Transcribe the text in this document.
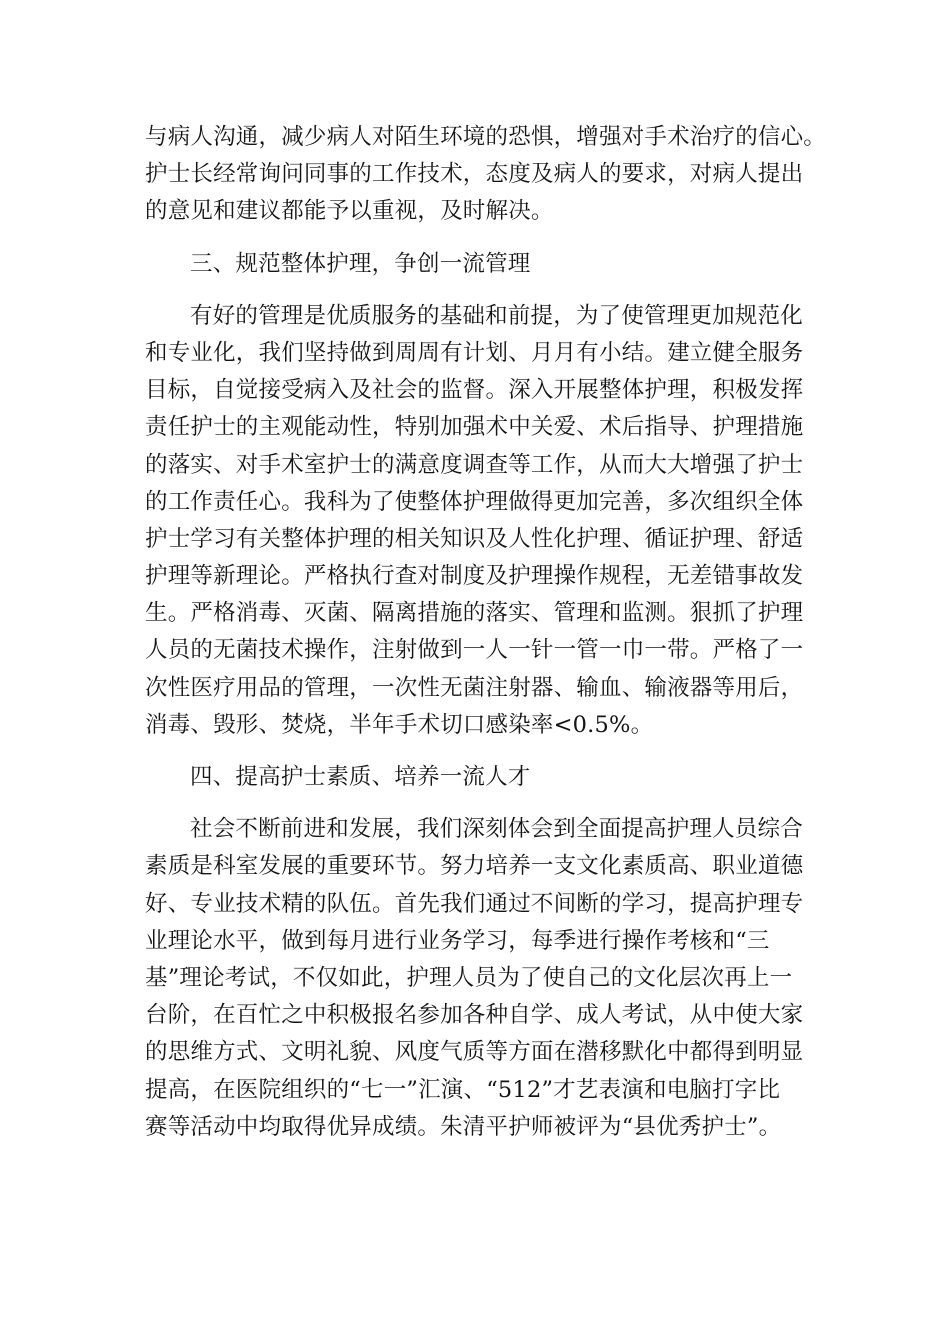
与病人沟通，减少病人对陌生环境的恐惧，增强对手术治疗的信心。
护士长经常询问同事的工作技术，态度及病人的要求，对病人提出
的意见和建议都能予以重视，及时解决。

三、规范整体护理，争创一流管理

有好的管理是优质服务的基础和前提，为了使管理更加规范化
和专业化，我们坚持做到周周有计划、月月有小结。建立健全服务
目标，自觉接受病入及社会的监督。深入开展整体护理，积极发挥
责任护士的主观能动性，特别加强术中关爱、术后指导、护理措施
的落实、对手术室护士的满意度调查等工作，从而大大增强了护士
的工作责任心。我科为了使整体护理做得更加完善，多次组织全体
护士学习有关整体护理的相关知识及人性化护理、循证护理、舒适
护理等新理论。严格执行查对制度及护理操作规程，无差错事故发
生。严格消毒、灭菌、隔离措施的落实、管理和监测。狠抓了护理
人员的无菌技术操作，注射做到一人一针一管一巾一带。严格了一
次性医疗用品的管理，一次性无菌注射器、输血、输液器等用后，
消毒、毁形、焚烧，半年手术切口感染率<0.5%。

四、提高护士素质、培养一流人才

社会不断前进和发展，我们深刻体会到全面提高护理人员综合
素质是科室发展的重要环节。努力培养一支文化素质高、职业道德
好、专业技术精的队伍。首先我们通过不间断的学习，提高护理专
业理论水平，做到每月进行业务学习，每季进行操作考核和“三
基”理论考试，不仅如此，护理人员为了使自己的文化层次再上一
台阶，在百忙之中积极报名参加各种自学、成人考试，从中使大家
的思维方式、文明礼貌、风度气质等方面在潜移默化中都得到明显
提高，在医院组织的“七一”汇演、“512”才艺表演和电脑打字比
赛等活动中均取得优异成绩。朱清平护师被评为“县优秀护士”。
